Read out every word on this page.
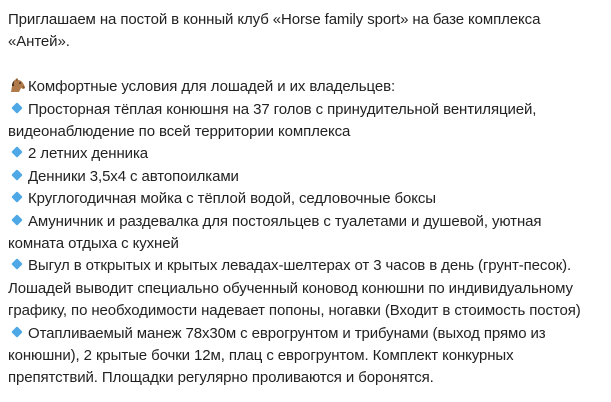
Приглашаем на постой в конный клуб «Horse family sport» на базе комплекса
«Антей».
Комфортные условия для лошадей и их владельцев:
Просторная тёплая конюшня на 37 голов с принудительной вентиляцией,
видеонаблюдение по всей территории комплекса
2 летних денника
Денники 3,5х4 с автопоилками
Круглогодичная мойка с тёплой водой, седловочные боксы
Амуничник и раздевалка для постояльцев с туалетами и душевой, уютная
комната отдыха с кухней
Выгул в открытых и крытых левадах-шелтерах от 3 часов в день (грунт-песок).
Лошадей выводит специально обученный коновод конюшни по индивидуальному
графику, по необходимости надевает попоны, ногавки (Входит в стоимость постоя)
Отапливаемый манеж 78х30м с еврогрунтом и трибунами (выход прямо из
конюшни), 2 крытые бочки 12м, плац с еврогрунтом. Комплект конкурных
препятствий. Площадки регулярно проливаются и боронятся.
